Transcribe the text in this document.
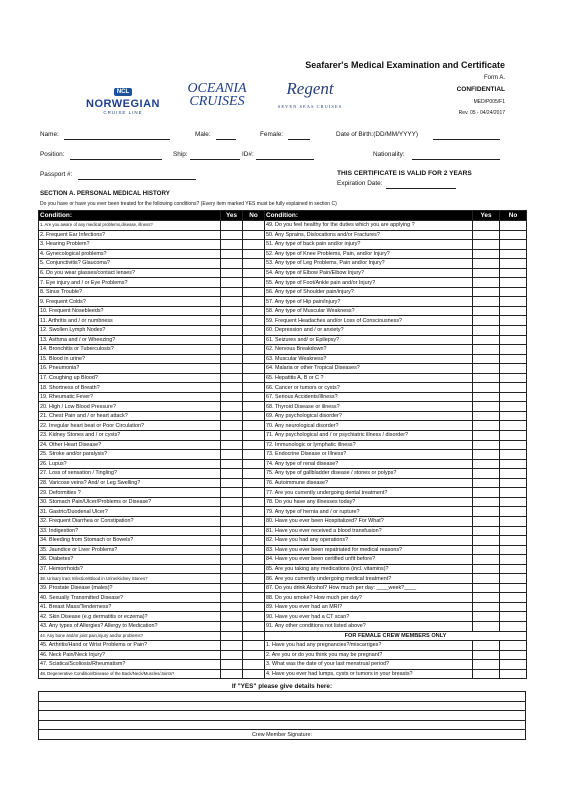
Seafarer's Medical Examination and Certificate
Form A.
CONFIDENTIAL
MED/P005/F1
Rev. 05 - 04/24/2017
NCL
NORWEGIAN
CRUISE LINE
OCEANIA
CRUISES
Regent
SEVEN SEAS CRUISES
Name:	Male:	Female:	Date of Birth:(DD/MM/YYYY)
Position:	Ship:	ID#:	Nationality:
Passport #:	THIS CERTIFICATE IS VALID FOR 2 YEARS
Expiration Date:
SECTION A. PERSONAL MEDICAL HISTORY
Do you have or have you ever been treated for the following conditions? (Every item marked YES must be fully explained in section C)
Condition:	Yes	No
1. Are you aware of any medical problems,disease, illness?		
2. Frequent Ear Infections?		
3. Hearing Problem?		
4. Gynecological problems?		
5. Conjunctivitis? Glaucoma?		
6. Do you wear glasses/contact lenses?		
7. Eye injury and / or Eye Problems?		
8. Sinus Trouble?		
9. Frequent Colds?		
10. Frequent Nosebleeds?		
11. Arthritis and / or numbness		
12. Swollen Lymph Nodes?		
13. Asthma and / or Wheezing?		
14. Bronchitis or Tuberculosis?		
15. Blood in urine?		
16. Pneumonia?		
17. Coughing up Blood?		
18. Shortness of Breath?		
19. Rheumatic Fever?		
20. High / Low Blood Pressure?		
21. Chest Pain and / or heart attack?		
22. Irregular heart beat or Poor Circulation?		
23. Kidney Stones and / or cysts?		
24. Other Heart Disease?		
25. Stroke and/or paralysis?		
26. Lupus?		
27. Loss of sensation / Tingling?		
28. Varicose veins? And/ or Leg Swelling?		
29. Deformities ?		
30. Stomach Pain/Ulcer/Problems or Disease?		
31. Gastric/Duodenal Ulcer?		
32. Frequent Diarrhea or Constipation?		
33. Indigestion?		
34. Bleeding from Stomach or Bowels?		
35. Jaundice or Liver Problems?		
36. Diabetes?		
37. Hemorrhoids?		
38. Urinary tract Infection/Blood in Urine/Kidney Stones?		
39. Prostate Disease (males)?		
40. Sexually Transmitted Disease?		
41. Breast Mass/Tenderness?		
42. Skin Disease (e.g dermatitis or eczema)?		
43. Any types of Allergies? Allergy to Medication?		
44. Any bone and/or joint pain,injury and/or problems?		
45. Arthritis/Hand or Wrist Problems or Pain?		
46. Neck Pain/Neck Injury?		
47. Sciatica/Scoliosis/Rheumatism?		
48. Degenerative Condition/Disease of the Back/Neck/Muscles/Joints?		
Condition:	Yes	No
49. Do you feel healthy for the duties which you are applying ?		
50. Any Sprains, Dislocations and/or Fractures?		
51. Any type of back pain and/or injury?		
52. Any type of Knee Problems, Pain, and/or Injury?		
53. Any type of Leg Problems, Pain and/or Injury?		
54. Any type of Elbow Pain/Elbow Injury?		
55. Any type of Foot/Ankle pain and/or Injury?		
56. Any type of Shoulder pain/injury?		
57. Any type of Hip pain/injury?		
58. Any type of Muscular Weakness?		
59. Frequent Headaches and/or Loss of Consciousness?		
60. Depression and / or anxiety?		
61. Seizures and/ or Epilepsy?		
62. Nervous Breakdown?		
63. Muscular Weakness?		
64. Malaria or other Tropical Diseases?		
65. Hepatitis A, B or C ?		
66. Cancer or tumors or cysts?		
67. Serious Accidents/Illness?		
68. Thyroid Disease or illness?		
69. Any psychological disorder?		
70. Any neurological disorder?		
71. Any psychological and / or psychiatric illness / disorder?		
72. Immunologic or lymphatic illness?		
73. Endocrine Disease or Illness?		
74. Any type of renal disease?		
75. Any type of gallbladder disease / stones or polyps?		
76. Autoimmune disease?		
77. Are you currently undergoing dental treatment?		
78. Do you have any illnesses today?		
79. Any type of hernia and / or rupture?		
80. Have you ever been Hospitalized? For What?		
81. Have you ever received a blood transfusion?		
82. Have you had any operations?		
83. Have you ever been repatriated for medical reasons?		
84. Have you ever been certified unfit before?		
85. Are you taking any medications (incl. vitamins)?		
86. Are you currently undergoing medical treatment?		
87. Do you drink Alcohol? How much per day: ____week?____		
88. Do you smoke? How much per day?		
89. Have you ever had an MRI?		
90. Have you ever had a CT scan?		
91. Any other conditions not listed above?		
FOR FEMALE CREW MEMBERS ONLY		
1. Have you had any pregnancies?/miscarriges?		
2. Are you or do you think you may be pregnant?		
3. What was the date of your last menstrual period?		
4. Have you ever had lumps, cysts or tumors in your breasts?		
If "YES" please give details here:

Crew Member Signature:
